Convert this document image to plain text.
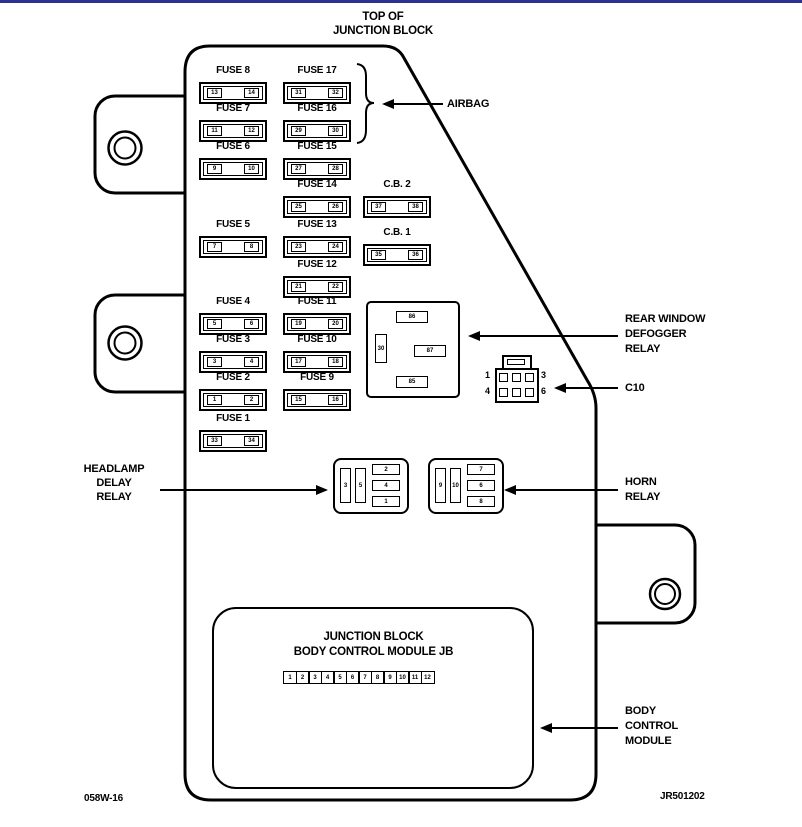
TOP OF
JUNCTION BLOCK
AIRBAG
REAR WINDOW
DEFOGGER
RELAY
C10
HEADLAMP
DELAY
RELAY
HORN
RELAY
BODY
CONTROL
MODULE
FUSE 8
13	14
FUSE 7
11	12
FUSE 6
9	10
FUSE 5
7	8
FUSE 4
5	6
FUSE 3
3	4
FUSE 2
1	2
FUSE 1
33	34
FUSE 17
31	32
FUSE 16
29	30
FUSE 15
27	28
FUSE 14
25	26
FUSE 13
23	24
FUSE 12
21	22
FUSE 11
19	20
FUSE 10
17	18
FUSE 9
15	16
C.B. 2
37	38
C.B. 1
35	36
86
30	87
85
3	5
2
4
1
9	10
7
6
8
1	3
4	6
JUNCTION BLOCK
BODY CONTROL MODULE JB
1	2	3	4	5	6	7	8	9	10 11 12
058W-16	JR501202
